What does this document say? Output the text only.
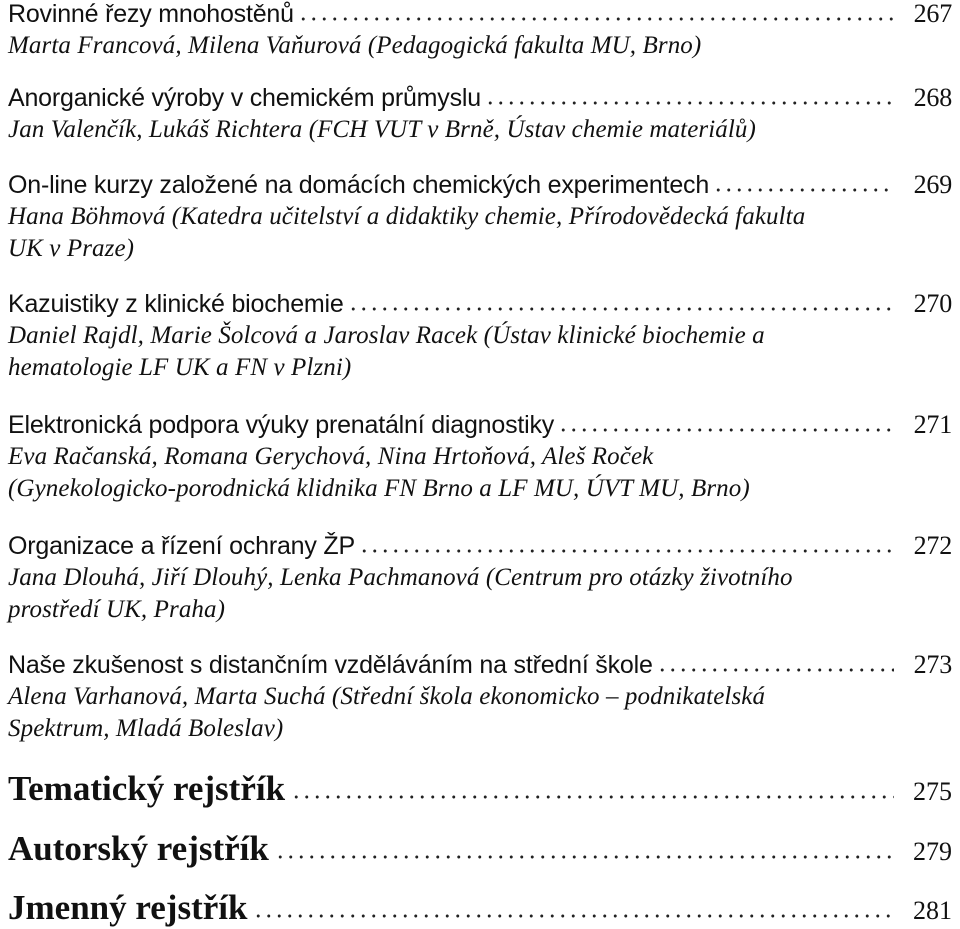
Rovinné řezy mnohostěnů	267
Marta Francová, Milena Vaňurová (Pedagogická fakulta MU, Brno)
Anorganické výroby v chemickém průmyslu	268
Jan Valenčík, Lukáš Richtera (FCH VUT v Brně, Ústav chemie materiálů)
On-line kurzy založené na domácích chemických experimentech	269
Hana Böhmová (Katedra učitelství a didaktiky chemie, Přírodovědecká fakulta
UK v Praze)
Kazuistiky z klinické biochemie	270
Daniel Rajdl, Marie Šolcová a Jaroslav Racek (Ústav klinické biochemie a
hematologie LF UK a FN v Plzni)
Elektronická podpora výuky prenatální diagnostiky	271
Eva Račanská, Romana Gerychová, Nina Hrtoňová, Aleš Roček
(Gynekologicko-porodnická klidnika FN Brno a LF MU, ÚVT MU, Brno)
Organizace a řízení ochrany ŽP	272
Jana Dlouhá, Jiří Dlouhý, Lenka Pachmanová (Centrum pro otázky životního
prostředí UK, Praha)
Naše zkušenost s distančním vzděláváním na střední škole	273
Alena Varhanová, Marta Suchá (Střední škola ekonomicko – podnikatelská
Spektrum, Mladá Boleslav)
Tematický rejstřík	275
Autorský rejstřík	279
Jmenný rejstřík	281
